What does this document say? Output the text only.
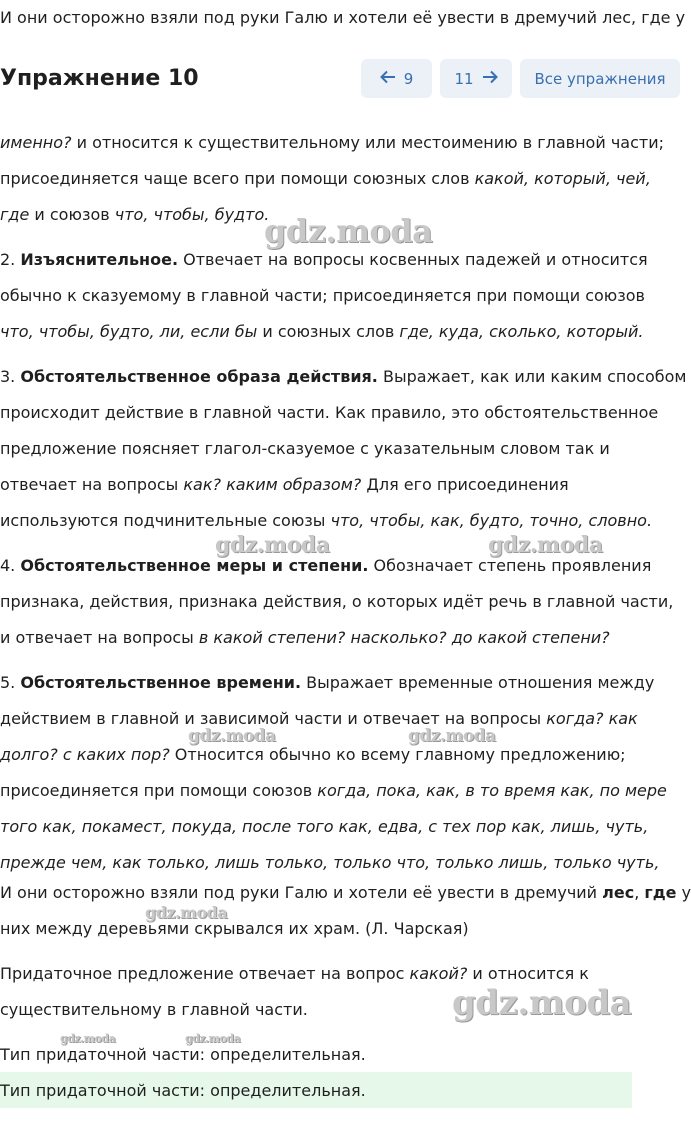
И они осторожно взяли под руки Галю и хотели её увести в дремучий лес, где у

Упражнение 10	9	11	Все упражнения

именно? и относится к существительному или местоимению в главной части;

присоединяется чаще всего при помощи союзных слов какой, который, чей,

где и союзов что, чтобы, будто.

2. Изъяснительное. Отвечает на вопросы косвенных падежей и относится

обычно к сказуемому в главной части; присоединяется при помощи союзов

что, чтобы, будто, ли, если бы и союзных слов где, куда, сколько, который.

3. Обстоятельственное образа действия. Выражает, как или каким способом

происходит действие в главной части. Как правило, это обстоятельственное

предложение поясняет глагол-сказуемое с указательным словом так и

отвечает на вопросы как? каким образом? Для его присоединения

используются подчинительные союзы что, чтобы, как, будто, точно, словно.

4. Обстоятельственное меры и степени. Обозначает степень проявления

признака, действия, признака действия, о которых идёт речь в главной части,

и отвечает на вопросы в какой степени? насколько? до какой степени?

5. Обстоятельственное времени. Выражает временные отношения между

действием в главной и зависимой части и отвечает на вопросы когда? как

долго? с каких пор? Относится обычно ко всему главному предложению;

присоединяется при помощи союзов когда, пока, как, в то время как, по мере

того как, покамест, покуда, после того как, едва, с тех пор как, лишь, чуть,

прежде чем, как только, лишь только, только что, только лишь, только чуть,

И они осторожно взяли под руки Галю и хотели её увести в дремучий лес, где у

них между деревьями скрывался их храм. (Л. Чарская)

Придаточное предложение отвечает на вопрос какой? и относится к

существительному в главной части.

Тип придаточной части: определительная.

Тип придаточной части: определительная.

gdz.moda
gdz.moda	gdz.moda
gdz.moda	gdz.moda
gdz.moda
gdz.moda
gdz.moda	gdz.moda
